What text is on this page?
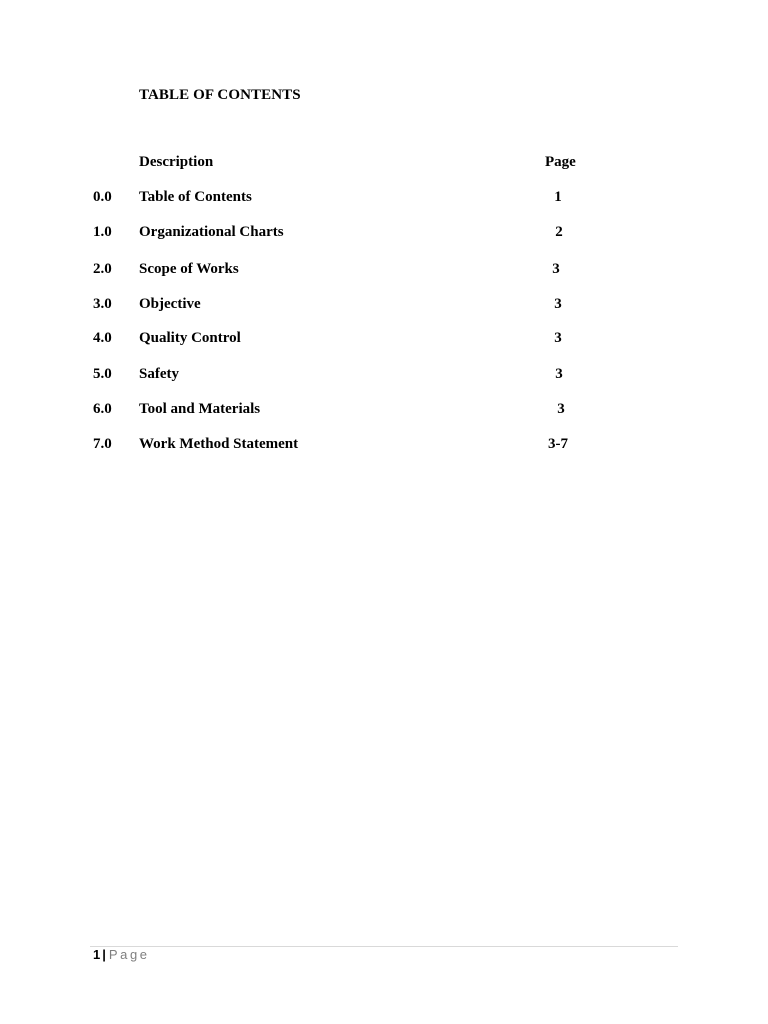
TABLE OF CONTENTS
Description	Page
0.0 Table of Contents	1
1.0 Organizational Charts	2
2.0 Scope of Works	3
3.0 Objective	3
4.0 Quality Control	3
5.0 Safety	3
6.0 Tool and Materials	3
7.0 Work Method Statement	3-7
1 | Page
